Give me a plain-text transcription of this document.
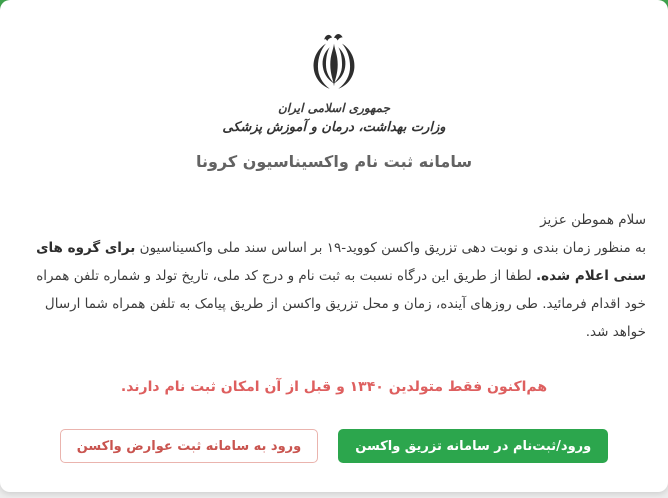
جمهوری اسلامی ایران
وزارت بهداشت، درمان و آموزش پزشکی
سامانه ثبت نام واکسیناسیون کرونا
سلام هموطن عزیز

به منظور زمان بندی و نوبت دهی تزریق واکسن کووید-۱۹ بر اساس سند ملی واکسیناسیون برای گروه های سنی اعلام شده. لطفا از طریق این درگاه نسبت به ثبت نام و درج کد ملی، تاریخ تولد و شماره تلفن همراه خود اقدام فرمائید. طی روزهای آینده، زمان و محل تزریق واکسن از طریق پیامک به تلفن همراه شما ارسال خواهد شد.

هم‌اکنون فقط متولدین ۱۳۴۰ و قبل از آن امکان ثبت نام دارند.
ورود به سامانه ثبت عوارض واکسن	ورود/ثبت‌نام در سامانه تزریق واکسن
